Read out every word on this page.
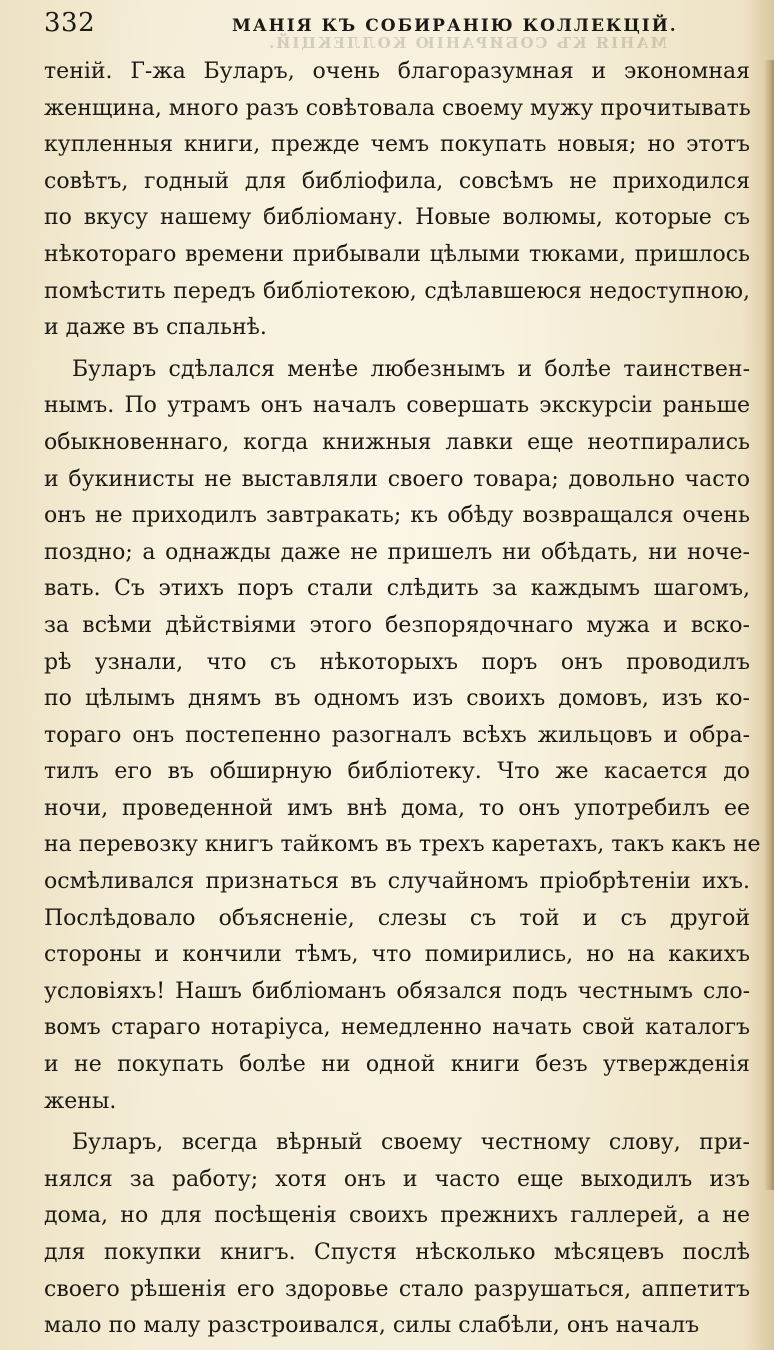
332	МАНІЯ КЪ СОБИРАНІЮ КОЛЛЕКЦІЙ.
МАНІЯ КЪ СОБИРАНІЮ КОЛЛЕКЦІЙ.
теній. Г-жа Буларъ, очень благоразумная и экономная
женщина, много разъ совѣтовала своему мужу прочитывать
купленныя книги, прежде чемъ покупать новыя; но этотъ
совѣтъ, годный для библіофила, совсѣмъ не приходился
по вкусу нашему библіоману. Новые волюмы, которые съ
нѣкотораго времени прибывали цѣлыми тюками, пришлось
помѣстить передъ библіотекою, сдѣлавшеюся недоступною,
и даже въ спальнѣ.
Буларъ сдѣлался менѣе любезнымъ и болѣе таинствен-
нымъ. По утрамъ онъ началъ совершать экскурсіи раньше
обыкновеннаго, когда книжныя лавки еще неотпирались
и букинисты не выставляли своего товара; довольно часто
онъ не приходилъ завтракать; къ обѣду возвращался очень
поздно; а однажды даже не пришелъ ни обѣдать, ни ноче-
вать. Съ этихъ поръ стали слѣдить за каждымъ шагомъ,
за всѣми дѣйствіями этого безпорядочнаго мужа и вско-
рѣ узнали, что съ нѣкоторыхъ поръ онъ проводилъ
по цѣлымъ днямъ въ одномъ изъ своихъ домовъ, изъ ко-
тораго онъ постепенно разогналъ всѣхъ жильцовъ и обра-
тилъ его въ обширную библіотеку. Что же касается до
ночи, проведенной имъ внѣ дома, то онъ употребилъ ее
на перевозку книгъ тайкомъ въ трехъ каретахъ, такъ какъ не
осмѣливался признаться въ случайномъ пріобрѣтеніи ихъ.
Послѣдовало объясненіе, слезы съ той и съ другой
стороны и кончили тѣмъ, что помирились, но на какихъ
условіяхъ! Нашъ библіоманъ обязался подъ честнымъ сло-
вомъ стараго нотаріуса, немедленно начать свой каталогъ
и не покупать болѣе ни одной книги безъ утвержденія
жены.
Буларъ, всегда вѣрный своему честному слову, при-
нялся за работу; хотя онъ и часто еще выходилъ изъ
дома, но для посѣщенія своихъ прежнихъ галлерей, а не
для покупки книгъ. Спустя нѣсколько мѣсяцевъ послѣ
своего рѣшенія его здоровье стало разрушаться, аппетитъ
мало по малу разстроивался, силы слабѣли, онъ началъ
